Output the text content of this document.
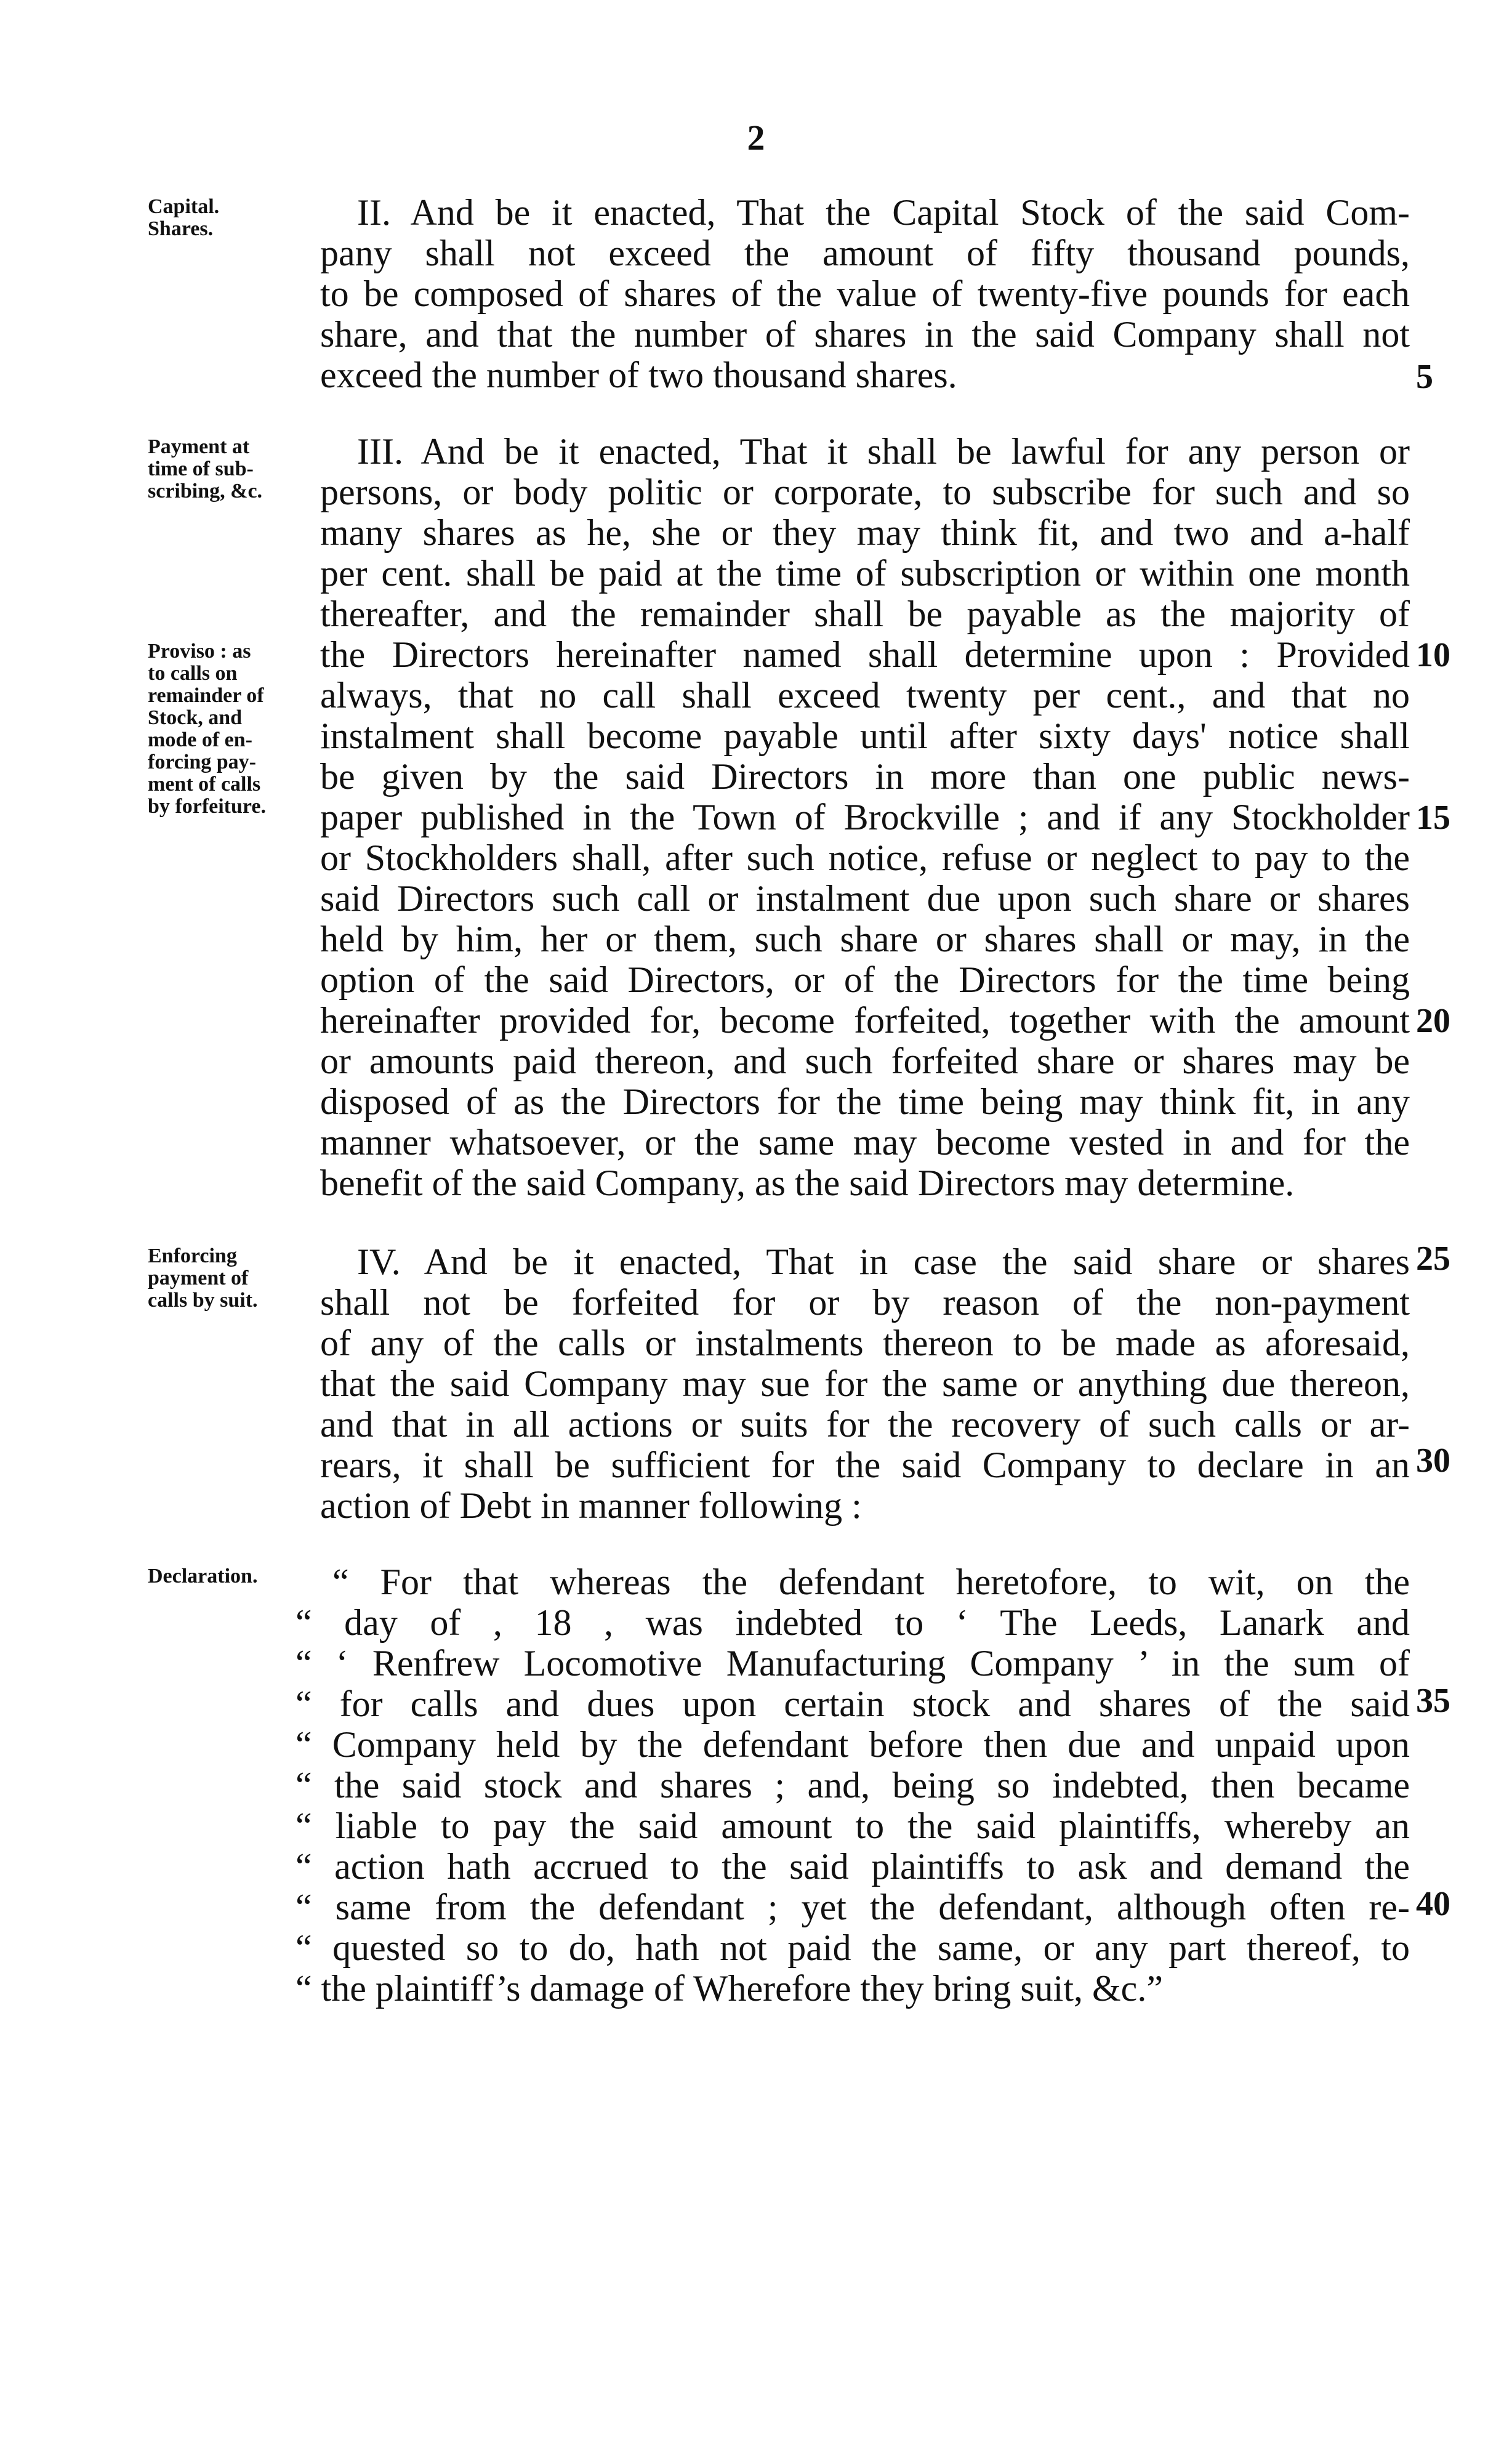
2
Capital.
Shares.
Payment at
time of sub-
scribing, &c.
Proviso : as
to calls on
remainder of
Stock, and
mode of en-
forcing pay-
ment of calls
by forfeiture.
Enforcing
payment of
calls by suit.
Declaration.
II. And be it enacted, That the Capital Stock of the said Com-
pany shall not exceed the amount of fifty thousand pounds,
to be composed of shares of the value of twenty-five pounds for each
share, and that the number of shares in the said Company shall not
exceed the number of two thousand shares.
III. And be it enacted, That it shall be lawful for any person or
persons, or body politic or corporate, to subscribe for such and so
many shares as he, she or they may think fit, and two and a-half
per cent. shall be paid at the time of subscription or within one month
thereafter, and the remainder shall be payable as the majority of
the Directors hereinafter named shall determine upon : Provided
always, that no call shall exceed twenty per cent., and that no
instalment shall become payable until after sixty days' notice shall
be given by the said Directors in more than one public news-
paper published in the Town of Brockville ; and if any Stockholder
or Stockholders shall, after such notice, refuse or neglect to pay to the
said Directors such call or instalment due upon such share or shares
held by him, her or them, such share or shares shall or may, in the
option of the said Directors, or of the Directors for the time being
hereinafter provided for, become forfeited, together with the amount
or amounts paid thereon, and such forfeited share or shares may be
disposed of as the Directors for the time being may think fit, in any
manner whatsoever, or the same may become vested in and for the
benefit of the said Company, as the said Directors may determine.
IV. And be it enacted, That in case the said share or shares
shall not be forfeited for or by reason of the non-payment
of any of the calls or instalments thereon to be made as aforesaid,
that the said Company may sue for the same or anything due thereon,
and that in all actions or suits for the recovery of such calls or ar-
rears, it shall be sufficient for the said Company to declare in an
action of Debt in manner following :
“ For that whereas the defendant heretofore, to wit, on the
“ day of , 18 , was indebted to ‘ The Leeds, Lanark and
“ ‘ Renfrew Locomotive Manufacturing Company ’ in the sum of
“ for calls and dues upon certain stock and shares of the said
“ Company held by the defendant before then due and unpaid upon
“ the said stock and shares ; and, being so indebted, then became
“ liable to pay the said amount to the said plaintiffs, whereby an
“ action hath accrued to the said plaintiffs to ask and demand the
“ same from the defendant ; yet the defendant, although often re-
“ quested so to do, hath not paid the same, or any part thereof, to
“ the plaintiff’s damage of Wherefore they bring suit, &c.”
5
10
15
20
25
30
35
40
